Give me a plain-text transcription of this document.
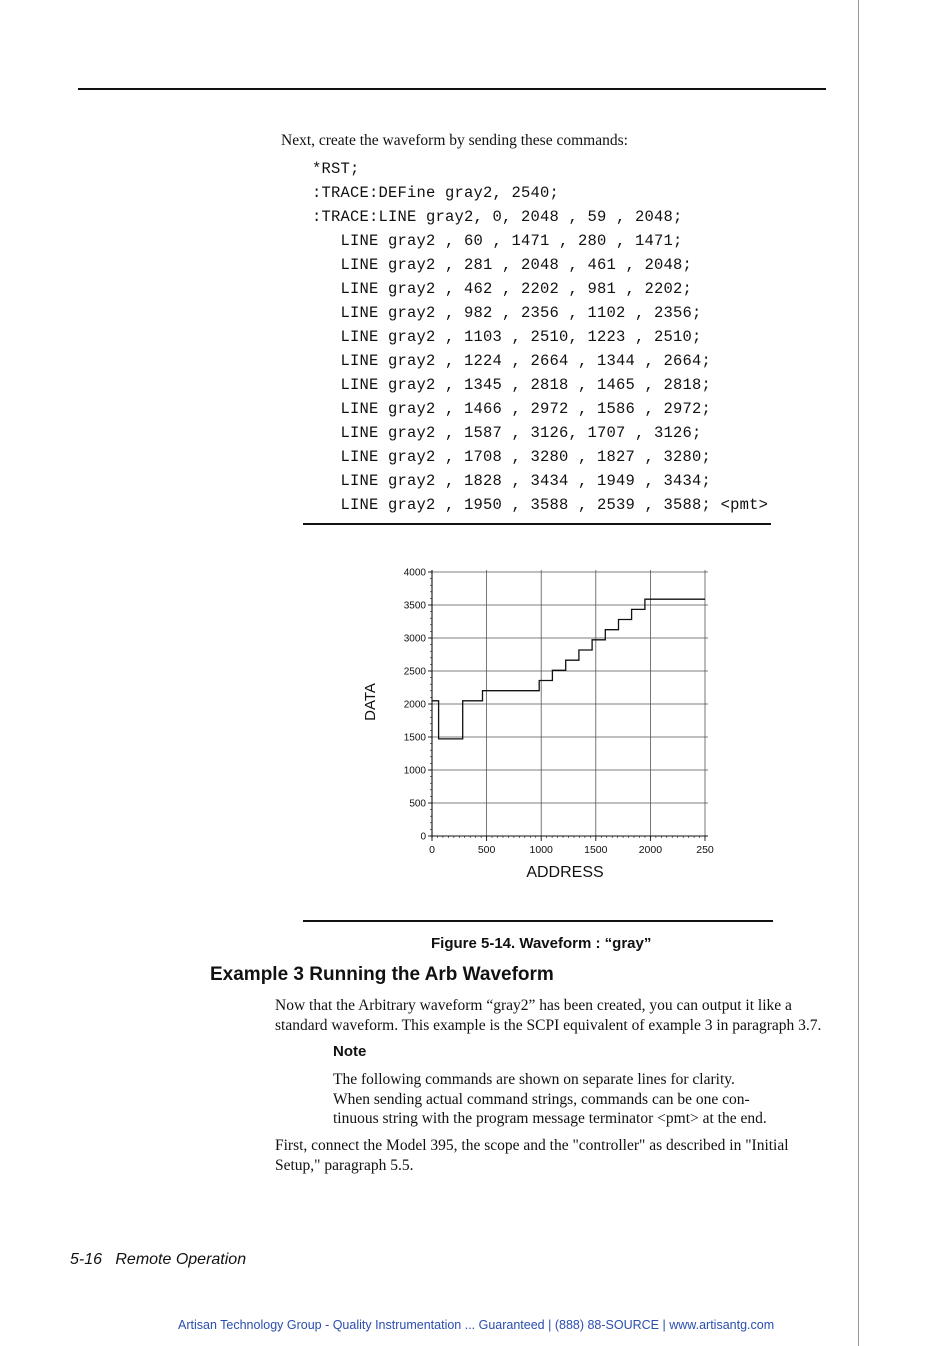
Next, create the waveform by sending these commands:
*RST;
:TRACE:DEFine gray2, 2540;
:TRACE:LINE gray2, 0, 2048 , 59 , 2048;
LINE gray2 , 60 , 1471 , 280 , 1471;
LINE gray2 , 281 , 2048 , 461 , 2048;
LINE gray2 , 462 , 2202 , 981 , 2202;
LINE gray2 , 982 , 2356 , 1102 , 2356;
LINE gray2 , 1103 , 2510, 1223 , 2510;
LINE gray2 , 1224 , 2664 , 1344 , 2664;
LINE gray2 , 1345 , 2818 , 1465 , 2818;
LINE gray2 , 1466 , 2972 , 1586 , 2972;
LINE gray2 , 1587 , 3126, 1707 , 3126;
LINE gray2 , 1708 , 3280 , 1827 , 3280;
LINE gray2 , 1828 , 3434 , 1949 , 3434;
LINE gray2 , 1950 , 3588 , 2539 , 3588; <pmt>
4000
3500
3000
2500
2000
1500
1000
500
0
0	500	1000	1500	2000	250
DATA
ADDRESS
Figure 5-14. Waveform : “gray”
Example 3 Running the Arb Waveform
Now that the Arbitrary waveform “gray2” has been created, you can output it like a
standard waveform. This example is the SCPI equivalent of example 3 in paragraph 3.7.
Note
The following commands are shown on separate lines for clarity.
When sending actual command strings, commands can be one con-
tinuous string with the program message terminator <pmt> at the end.
First, connect the Model 395, the scope and the "controller" as described in "Initial
Setup," paragraph 5.5.
5-16   Remote Operation
Artisan Technology Group - Quality Instrumentation ... Guaranteed | (888) 88-SOURCE | www.artisantg.com
